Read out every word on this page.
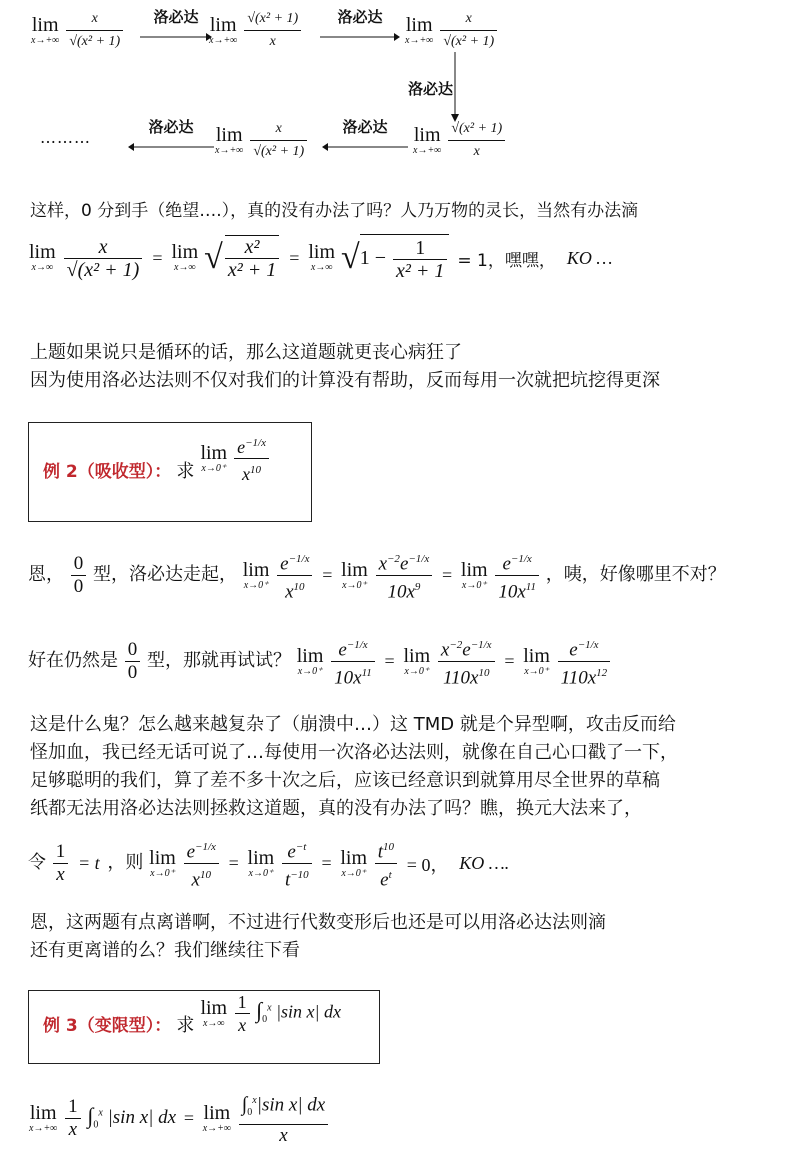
lim
x→+∞
$\frac{x}{\text{√(x² + 1)}}$	洛必达 lim
x→+∞
$\frac{\text{√(x² + 1)}}{x}$	洛必达	lim
x→+∞
$\frac{x}{\text{√(x² + 1)}}$
洛必达
lim
x→+∞
$\frac{\text{√(x² + 1)}}{x}$
洛必达
lim
x→+∞
$\frac{x}{\text{√(x² + 1)}}$
洛必达
………
这样，0 分到手（绝望….），真的没有办法了吗？人乃万物的灵长，当然有办法滴
lim
x→∞
$\frac{x}{\text{√(x² + 1)}} = \lim$
x→∞ √ $\frac{\text{x²}}{\text{x² + 1}} = \lim$
x→∞ $√1 - \frac{1}{\text{x² + 1}} = 1$，嘿嘿， KO …
上题如果说只是循环的话，那么这道题就更丧心病狂了
因为使用洛必达法则不仅对我们的计算没有帮助，反而每用一次就把坑挖得更深
例 2（吸收型）： 求
lim
x→0⁺
$\frac{e^{-1/x}}{x^{10}}$
恩， $\frac{0}{0}$ 型，洛必达走起， lim
x→0⁺
$\frac{e^{-1/x}}{x^{10}} = \lim$
x→0⁺
$\frac{x^{-2}e^{-1/x}}{10x^9} = \lim$
x→0⁺
$\frac{e^{-1/x}}{10x^{11}}$ ，咦，好像哪里不对？
好在仍然是 $\frac{0}{0}$ 型，那就再试试？ lim
x→0⁺
$\frac{e^{-1/x}}{10x^{11}} = \lim$
x→0⁺
$\frac{x^{-2}e^{-1/x}}{110x^{10}} = \lim$
x→0⁺
$\frac{e^{-1/x}}{110x^{12}}$
这是什么鬼？怎么越来越复杂了（崩溃中…）这 TMD 就是个异型啊，攻击反而给
怪加血，我已经无话可说了…每使用一次洛必达法则，就像在自己心口戳了一下，
足够聪明的我们，算了差不多十次之后，应该已经意识到就算用尽全世界的草稿
纸都无法用洛必达法则拯救这道题，真的没有办法了吗？瞧，换元大法来了，
令 $\frac{1}{x} = t$ ，则 lim
x→0⁺
$\frac{e^{-1/x}}{x^{10}} = \lim$
x→0⁺
$\frac{e^{-t}}{t^{-10}} = \lim$
x→0⁺
$\frac{t^{10}}{e^t} = 0$， KO ….
恩，这两题有点离谱啊，不过进行代数变形后也还是可以用洛必达法则滴
还有更离谱的么？我们继续往下看
例 3（变限型）： 求
lim
x→∞
$\frac{1}{x} \int_0^x$ |sin x| dx
lim
x→+∞
$\frac{1}{x} \int_0^x$ |sin x| dx = lim
x→+∞
$\frac{\int_0^x|\sin x| dx}{x}$
